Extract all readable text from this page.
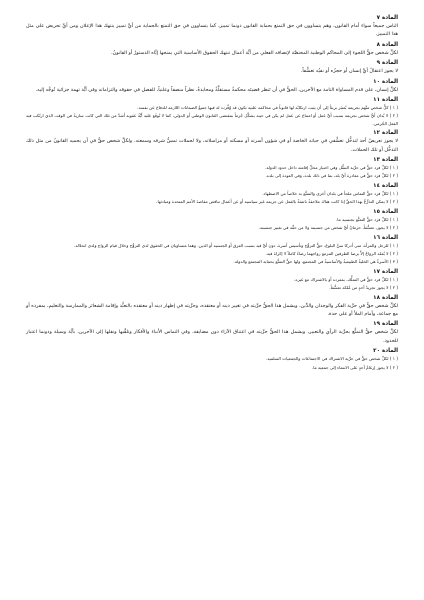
المادة ٧
الناس جميعاً سواء أمام القانون، وهم يتساوون في حق التمتع بحماية القانون دونما تمييز، كما يتساوون في حق التمتع بالحماية من أيِّ تمييز ينتهك هذا الإعلان ومن أيِّ تحريض على مثل هذا التمييز.
المادة ٨
لكلِّ شخص حقُّ اللجوء إلى المحاكم الوطنية المختصَّة لإنصافه الفعلي من أيَّة أعمال تنتهك الحقوق الأساسية التي يمنحها إيَّاه الدستورُ أو القانونُ.
المادة ٩
لا يجوز اعتقالُ أيِّ إنسان أو حجزُه أو نفيُه تعسُّفاً.
المادة ١٠
لكلِّ إنسان، على قدم المساواة التامة مع الآخرين، الحقُّ في أن تَنظر قضيتَه محكمةٌ مستقلَّةٌ ومحايدةٌ، نظراً منصفاً وعلنياً، للفصل في حقوقه والتزاماته وفى أيَّة تهمة جزائية تُوجَّه إليه.
المادة ١١
( ١ ) كلُّ شخص متَّهم بجريمة يُعتبَر بريئاً إلى أن يثبت ارتكابُه لها قانوناً في محاكمة علنية تكون قد وُفِّرت له فيها جميعُ الضمانات اللازمة للدفاع عن نفسه.
( ٢ ) لا يُدان أيُّ شخص بجريمة بسبب أيِّ عمل أو امتناع عن عمل لم يكن في حينه يشكِّل جُرماً بمقتضى القانون الوطني أو الدولي، كما لا تُوقَع عليه أيَّةُ عقوبة أشدَّ من تلك التي كانت ساريةً في الوقت الذي ارتُكب فيه الفعل الجُرمي.
المادة ١٢
لا يجوز تعريضُ أحد لتدخُّل تعسُّفي في حياته الخاصة أو في شؤون أسرته أو مسكنه أو مراسلاته، ولا لحملات تمسُّ شرفه وسمعته. ولكلِّ شخص حقٌّ في أن يحميه القانونُ من مثل ذلك التدخُّل أو تلك الحملات.
المادة ١٣
( ١ ) لكلِّ فرد حقٌّ في حرِّية التنقُّل وفي اختيار محلِّ إقامته داخل حدود الدولة.
( ٢ ) لكلِّ فرد حقٌّ في مغادرة أيِّ بلد، بما في ذلك بلده، وفي العودة إلى بلده.
المادة ١٤
( ١ ) لكلِّ فرد حقُّ التماس ملجأ في بلدان أخرى والتمتُّع به خلاصاً من الاضطهاد.
( ٢ ) لا يمكن التذرُّعُ بهذا الحقِّ إذا كانت هناك ملاحقةٌ ناشئةٌ بالفعل عن جريمة غير سياسية أو عن أعمال تناقض مقاصدَ الأمم المتحدة ومبادئها.
المادة ١٥
( ١ ) لكلِّ فرد حقُّ التمتُّع بجنسية ما.
( ٢ ) لا يجوز، تعسُّفاً، حرمانُ أيِّ شخص من جنسيته ولا من حقِّه في تغيير جنسيته.
المادة ١٦
( ١ ) للرجل والمرأة، متى أدركا سنَّ البلوغ، حقُّ التزوُّج وتأسيس أسرة، دون أيِّ قيد بسبب العرق أو الجنسية أو الدين. وهما متساويان في الحقوق لدى التزوُّج وخلال قيام الزواج ولدى انحلاله.
( ٢ ) لا يُعقَد الزواجُ إلاَّ برضا الطرفين المزمع زواجهما رضاءً كاملاً لا إكراهَ فيه.
( ٣ ) الأسرةُ هي الخليةُ الطبيعيةُ والأساسيةُ في المجتمع، ولها حقُّ التمتُّع بحماية المجتمع والدولة.
المادة ١٧
( ١ ) لكلِّ فرد حقٌّ في التملُّك، بمفرده أو بالاشتراك مع غيره.
( ٢ ) لا يجوز تجريدُ أحدٍ من مُلكه تعسُّفاً.
المادة ١٨
لكلِّ شخص حقٌّ في حرِّية الفكر والوجدان والدِّين، ويشمل هذا الحقُّ حرِّيته في تغيير دينه أو معتقده، وحرِّيته في إظهار دينه أو معتقده بالتعبُّد وإقامة الشعائر والممارسة والتعليم، بمفرده أو مع جماعة، وأمام الملأ أو على حدة.
المادة ١٩
لكلِّ شخص حقُّ التمتُّع بحرِّية الرأي والتعبير، ويشمل هذا الحقُّ حرِّيته في اعتناق الآراء دون مضايقة، وفي التماس الأنباء والأفكار وتلقِّيها ونقلها إلى الآخرين، بأيَّة وسيلة ودونما اعتبار للحدود.
المادة ٢٠
( ١ ) لكلِّ شخص حقٌّ في حرِّية الاشتراك في الاجتماعات والجمعيات السلمية.
( ٢ ) لا يجوز إرغامُ أحدٍ على الانتماء إلى جمعية ما.
